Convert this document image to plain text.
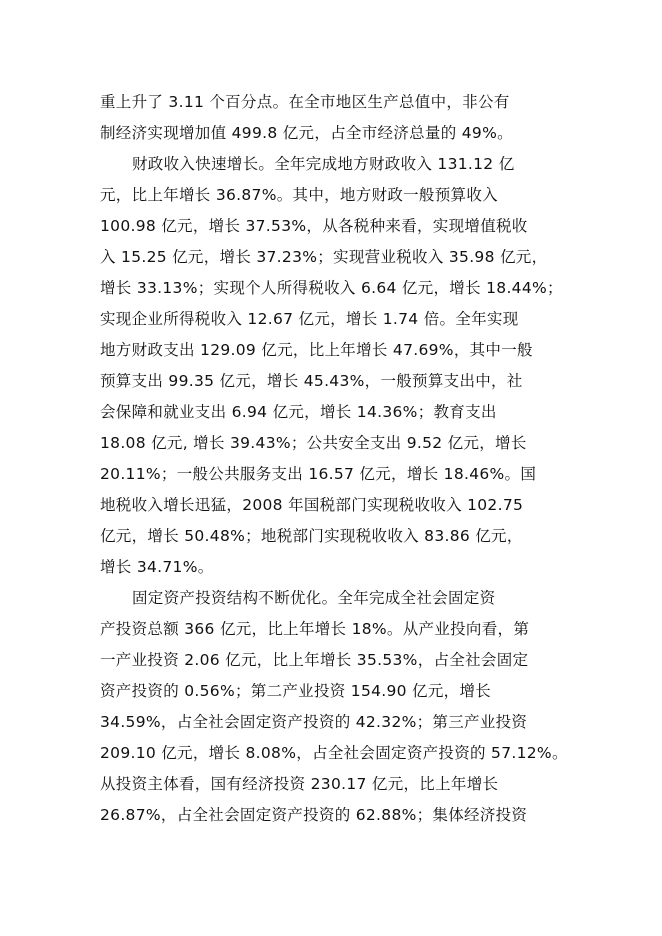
重上升了 3.11 个百分点。在全市地区生产总值中，非公有
制经济实现增加值 499.8 亿元，占全市经济总量的 49%。
财政收入快速增长。全年完成地方财政收入 131.12 亿
元，比上年增长 36.87%。其中，地方财政一般预算收入
100.98 亿元，增长 37.53%，从各税种来看，实现增值税收
入 15.25 亿元，增长 37.23%；实现营业税收入 35.98 亿元，
增长 33.13%；实现个人所得税收入 6.64 亿元，增长 18.44%；
实现企业所得税收入 12.67 亿元，增长 1.74 倍。全年实现
地方财政支出 129.09 亿元，比上年增长 47.69%，其中一般
预算支出 99.35 亿元，增长 45.43%，一般预算支出中，社
会保障和就业支出 6.94 亿元，增长 14.36%；教育支出
18.08 亿元, 增长 39.43%；公共安全支出 9.52 亿元，增长
20.11%；一般公共服务支出 16.57 亿元，增长 18.46%。国
地税收入增长迅猛，2008 年国税部门实现税收收入 102.75
亿元，增长 50.48%；地税部门实现税收收入 83.86 亿元，
增长 34.71%。
固定资产投资结构不断优化。全年完成全社会固定资
产投资总额 366 亿元，比上年增长 18%。从产业投向看，第
一产业投资 2.06 亿元，比上年增长 35.53%，占全社会固定
资产投资的 0.56%；第二产业投资 154.90 亿元，增长
34.59%，占全社会固定资产投资的 42.32%；第三产业投资
209.10 亿元，增长 8.08%，占全社会固定资产投资的 57.12%。
从投资主体看，国有经济投资 230.17 亿元，比上年增长
26.87%，占全社会固定资产投资的 62.88%；集体经济投资
